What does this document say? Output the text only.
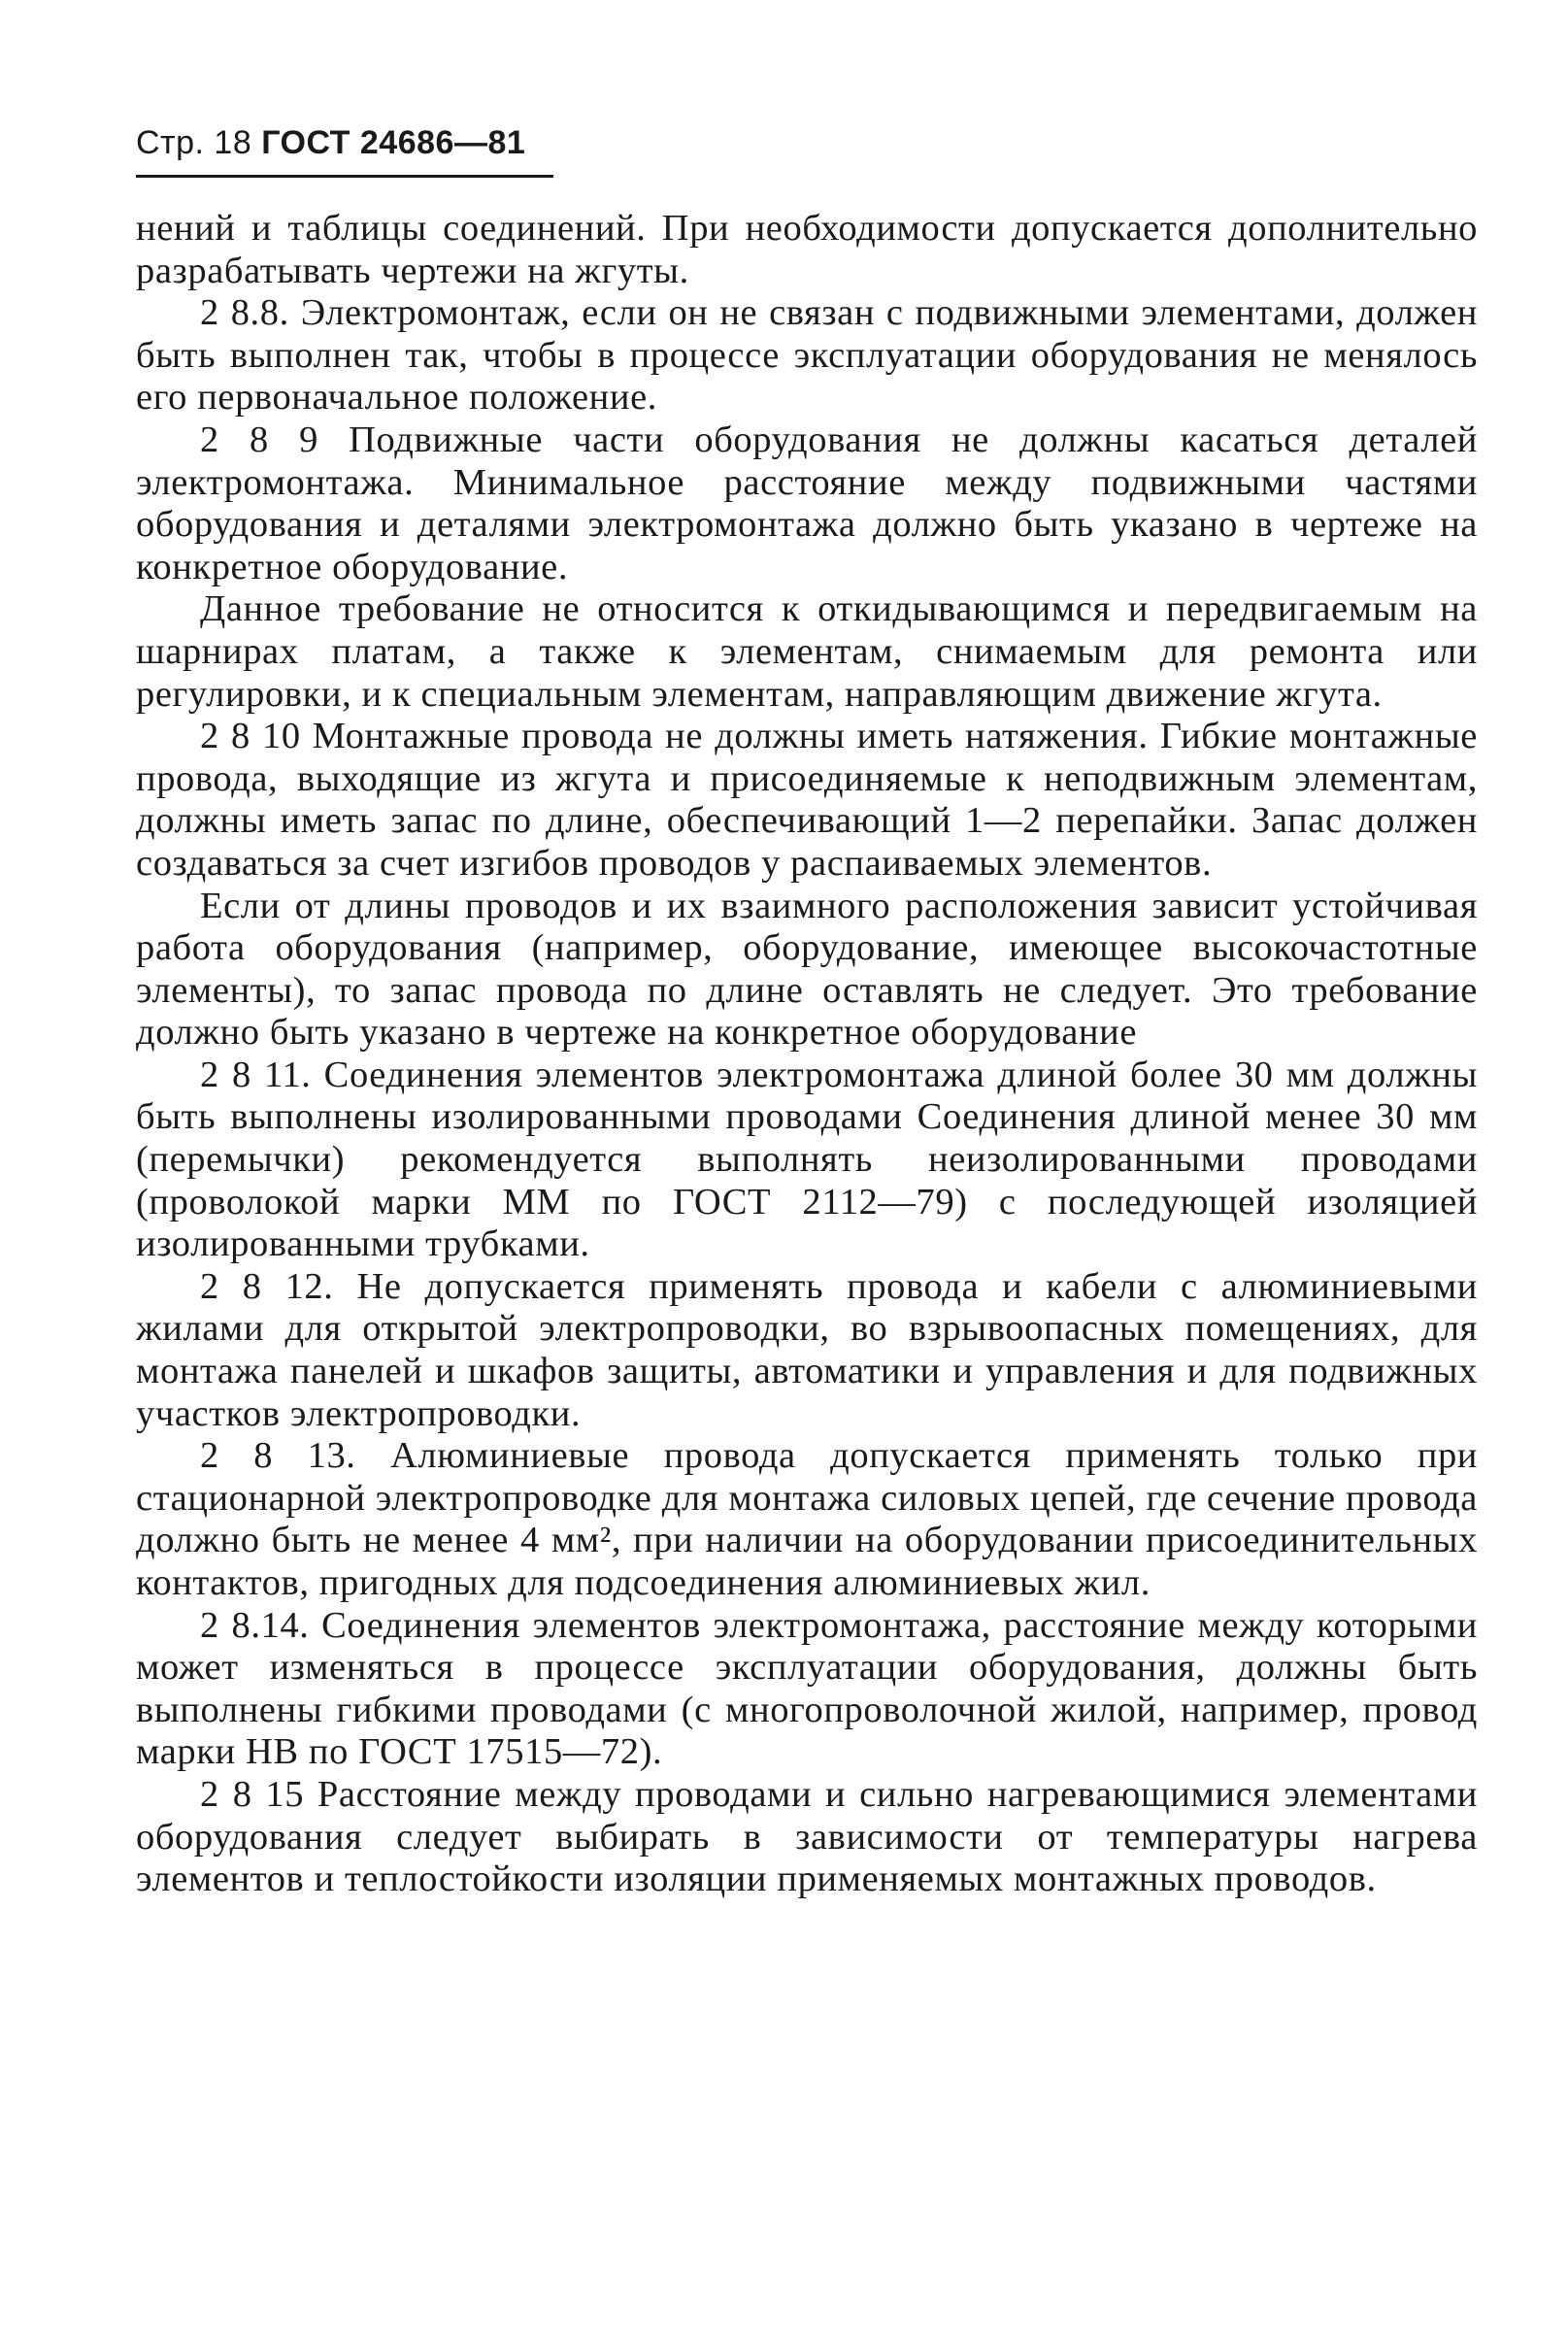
Стр. 18 ГОСТ 24686—81

нений и таблицы соединений. При необходимости допускается дополнительно разрабатывать чертежи на жгуты.

2 8.8. Электромонтаж, если он не связан с подвижными элементами, должен быть выполнен так, чтобы в процессе эксплуатации оборудования не менялось его первоначальное положение.

2 8 9 Подвижные части оборудования не должны касаться деталей электромонтажа. Минимальное расстояние между подвижными частями оборудования и деталями электромонтажа должно быть указано в чертеже на конкретное оборудование.

Данное требование не относится к откидывающимся и передвигаемым на шарнирах платам, а также к элементам, снимаемым для ремонта или регулировки, и к специальным элементам, направляющим движение жгута.

2 8 10 Монтажные провода не должны иметь натяжения. Гибкие монтажные провода, выходящие из жгута и присоединяемые к неподвижным элементам, должны иметь запас по длине, обеспечивающий 1—2 перепайки. Запас должен создаваться за счет изгибов проводов у распаиваемых элементов.

Если от длины проводов и их взаимного расположения зависит устойчивая работа оборудования (например, оборудование, имеющее высокочастотные элементы), то запас провода по длине оставлять не следует. Это требование должно быть указано в чертеже на конкретное оборудование

2 8 11. Соединения элементов электромонтажа длиной более 30 мм должны быть выполнены изолированными проводами Соединения длиной менее 30 мм (перемычки) рекомендуется выполнять неизолированными проводами (проволокой марки ММ по ГОСТ 2112—79) с последующей изоляцией изолированными трубками.

2 8 12. Не допускается применять провода и кабели с алюминиевыми жилами для открытой электропроводки, во взрывоопасных помещениях, для монтажа панелей и шкафов защиты, автоматики и управления и для подвижных участков электропроводки.

2 8 13. Алюминиевые провода допускается применять только при стационарной электропроводке для монтажа силовых цепей, где сечение провода должно быть не менее 4 мм², при наличии на оборудовании присоединительных контактов, пригодных для подсоединения алюминиевых жил.

2 8.14. Соединения элементов электромонтажа, расстояние между которыми может изменяться в процессе эксплуатации оборудования, должны быть выполнены гибкими проводами (с многопроволочной жилой, например, провод марки НВ по ГОСТ 17515—72).

2 8 15 Расстояние между проводами и сильно нагревающимися элементами оборудования следует выбирать в зависимости от температуры нагрева элементов и теплостойкости изоляции применяемых монтажных проводов.
